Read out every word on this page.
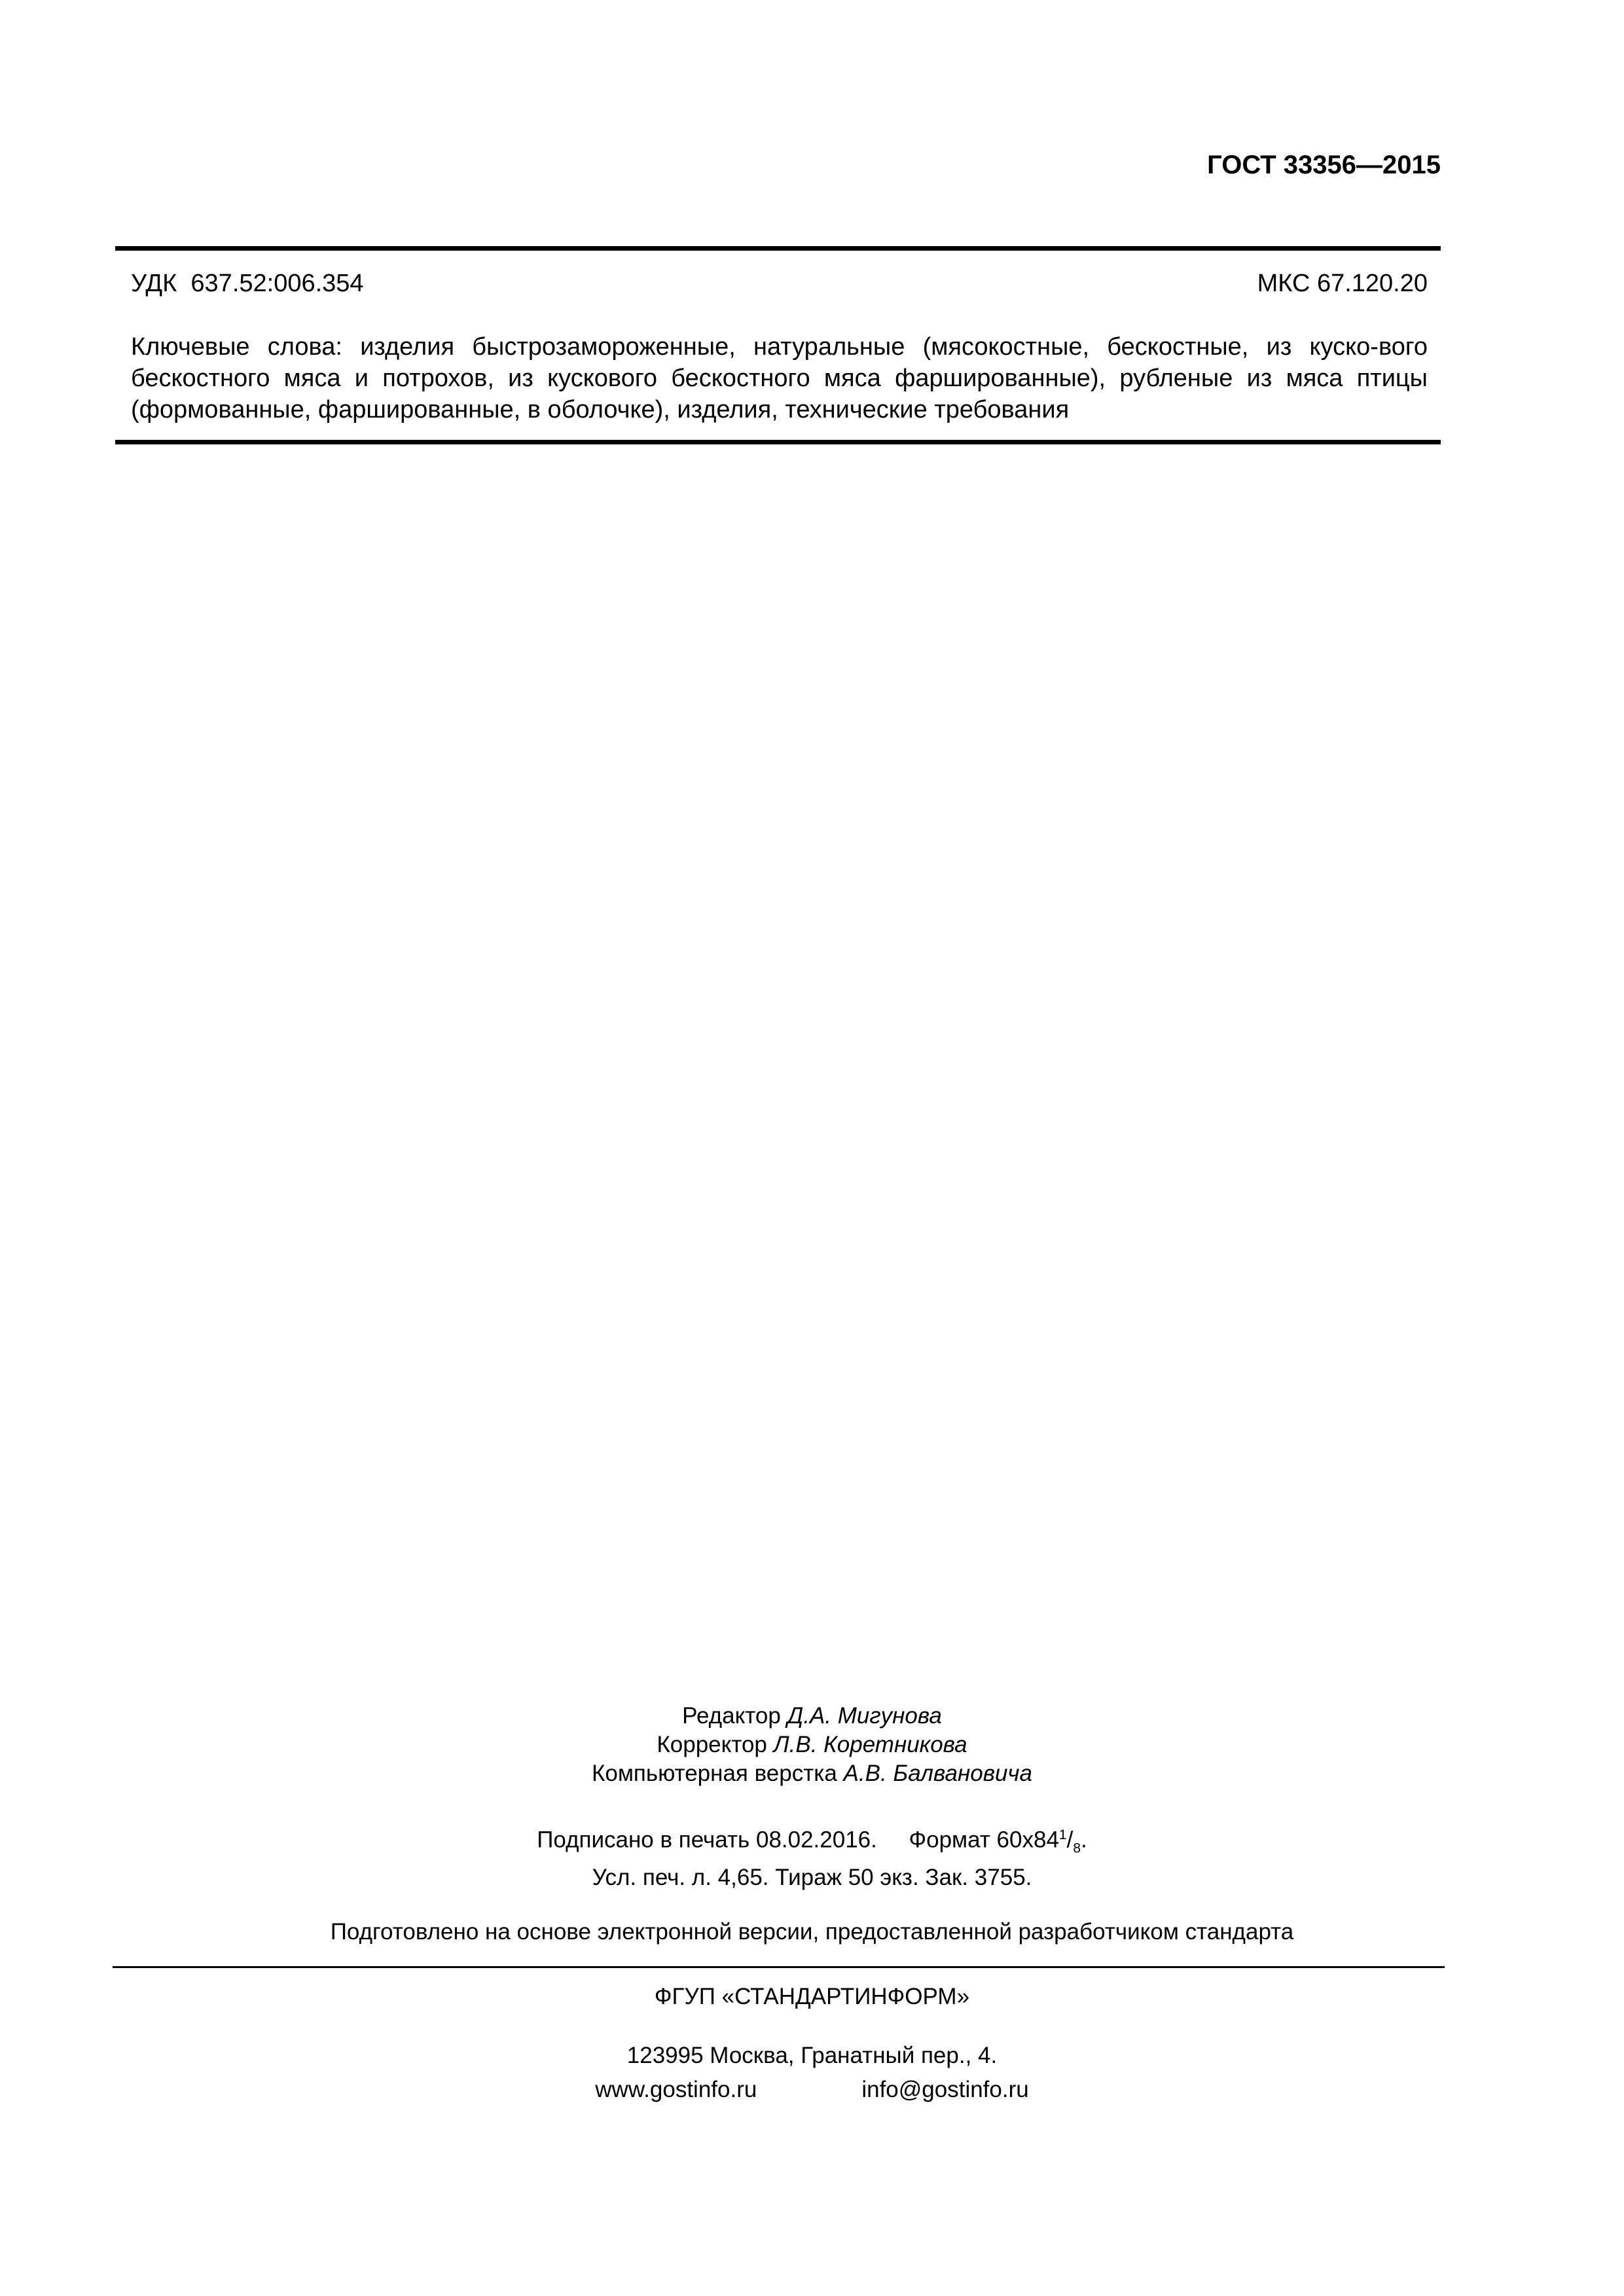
ГОСТ 33356—2015
УДК  637.52:006.354	МКС 67.120.20
Ключевые слова: изделия быстрозамороженные, натуральные (мясокостные, бескостные, из куско-вого бескостного мяса и потрохов, из кускового бескостного мяса фаршированные), рубленые из мяса птицы (формованные, фаршированные, в оболочке), изделия, технические требования
Редактор Д.А. Мигунова
Корректор Л.В. Коретникова
Компьютерная верстка А.В. Балвановича
Подписано в печать 08.02.2016. Формат $60x84^1/_8$.
Усл. печ. л. 4,65. Тираж 50 экз. Зак. 3755.
Подготовлено на основе электронной версии, предоставленной разработчиком стандарта
ФГУП «СТАНДАРТИНФОРМ»
123995 Москва, Гранатный пер., 4.
www.gostinfo.ru	info@gostinfo.ru
